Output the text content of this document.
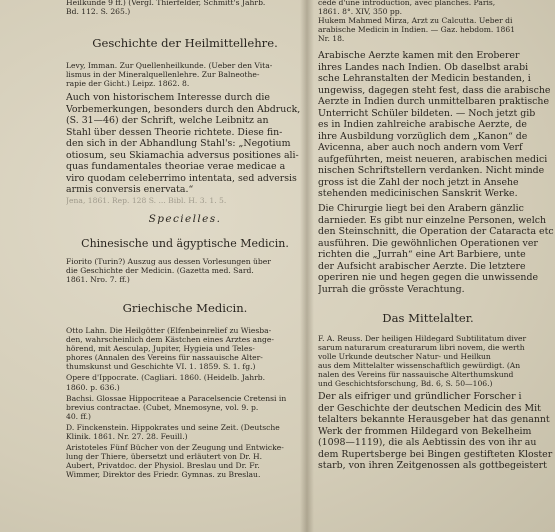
Heilkunde 9 ff.) (Vergl. Thierfelder, Schmitt's Jahrb.
Bd. 112. S. 265.)
Geschichte der Heilmittellehre.
Levy, Imman. Zur Quellenheilkunde. (Ueber den Vita-
lismus in der Mineralquellenlehre. Zur Balneothe-
rapie der Gicht.) Leipz. 1862. 8.
Auch von historischem Interesse durch die
Vorbemerkungen, besonders durch den Abdruck,
(S. 31—46) der Schrift, welche Leibnitz an
Stahl über dessen Theorie richtete. Diese fin-
den sich in der Abhandlung Stahl's: „Negotium
otiosum, seu Skiamachia adversus positiones ali-
quas fundamentales theoriae verae medicae a
viro quodam celeberrimo intentata, sed adversis
armis conversis enervata.“
Jena, 1861. Rep. 128 S. ... Bibl. H. 3. 1. 5.
Specielles.
Chinesische und ägyptische Medicin.
Fiorito (Turin?) Auszug aus dessen Vorlesungen über
die Geschichte der Medicin. (Gazetta med. Sard.
1861. Nro. 7. ff.)
Griechische Medicin.
Otto Lahn. Die Heilgötter (Elfenbeinrelief zu Wiesba-
den, wahrscheinlich dem Kästchen eines Arztes ange-
hörend, mit Aesculap, Jupiter, Hygieia und Teles-
phores (Annalen des Vereins für nassauische Alter-
thumskunst und Geschichte VI. 1. 1859. S. 1. fg.)
Opere d'Ippocrate. (Cagliari. 1860. (Heidelb. Jahrb.
1860. p. 636.)
Bachsi. Glossae Hippocriteae a Paracelsencie Cretensi in
brevius contractae. (Cubet, Mnemosyne, vol. 9. p.
40. ff.)
D. Finckenstein. Hippokrates und seine Zeit. (Deutsche
Klinik. 1861. Nr. 27. 28. Feuill.)
Aristoteles Fünf Bücher von der Zeugung und Entwicke-
lung der Thiere, übersetzt und erläutert von Dr. H.
Aubert, Privatdoc. der Physiol. Breslau und Dr. Fr.
Wimmer, Direktor des Friedr. Gymnas. zu Breslau.
cédé d'une introduction, avec planches. Paris,
1861. 8°. XIV, 350 pp.
Hukem Mahmed Mirza, Arzt zu Calcutta. Ueber di
arabische Medicin in Indien. — Gaz. hebdom. 1861
Nr. 18.
Arabische Aerzte kamen mit den Eroberer
ihres Landes nach Indien. Ob daselbst arabi
sche Lehranstalten der Medicin bestanden, i
ungewiss, dagegen steht fest, dass die arabische
Aerzte in Indien durch unmittelbaren praktische
Unterricht Schüler bildeten. — Noch jetzt gib
es in Indien zahlreiche arabische Aerzte, de
ihre Ausbildung vorzüglich dem „Kanon“ de
Avicenna, aber auch noch andern vom Verf
aufgeführten, meist neueren, arabischen medici
nischen Schriftstellern verdanken. Nicht minde
gross ist die Zahl der noch jetzt in Ansehe
stehenden medicinischen Sanskrit Werke.
Die Chirurgie liegt bei den Arabern gänzlic
darnieder. Es gibt nur einzelne Personen, welch
den Steinschnitt, die Operation der Cataracta etc
ausführen. Die gewöhnlichen Operationen ver
richten die „Jurrah“ eine Art Barbiere, unte
der Aufsicht arabischer Aerzte. Die letztere
operiren nie und hegen gegen die unwissende
Jurrah die grösste Verachtung.
Das Mittelalter.
F. A. Reuss. Der heiligen Hildegard Subtilitatum diver
sarum naturarum creaturarum libri novem, die werth
volle Urkunde deutscher Natur- und Heilkun
aus dem Mittelalter wissenschaftlich gewürdigt. (An
nalen des Vereins für nassauische Alterthumskund
und Geschichtsforschung, Bd. 6, S. 50—106.)
Der als eifriger und gründlicher Forscher i
der Geschichte der deutschen Medicin des Mit
telalters bekannte Herausgeber hat das genannt
Werk der frommen Hildegard von Bekelheim
(1098—1119), die als Aebtissin des von ihr au
dem Rupertsberge bei Bingen gestifteten Kloster
starb, von ihren Zeitgenossen als gottbegeistert
